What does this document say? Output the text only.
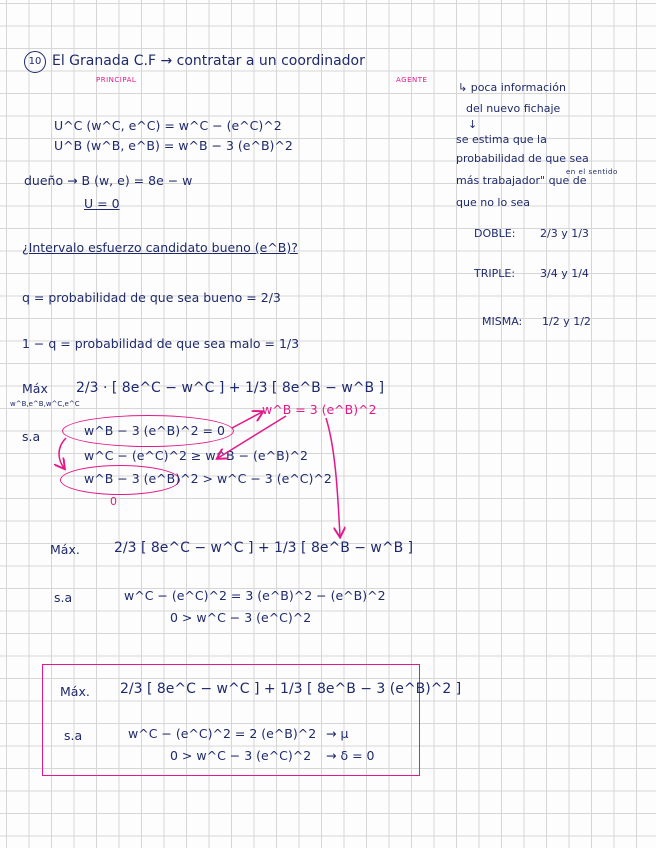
10 El Granada C.F → contratar a un coordinador
PRINCIPAL	AGENTE
U^C (w^C, e^C) = w^C − (e^C)^2
U^B (w^B, e^B) = w^B − 3 (e^B)^2
↳ poca información
del nuevo fichaje
↓
se estima que la
probabilidad de que sea
en el sentido
más trabajador" que de
que no lo sea
DOBLE: 2/3 y 1/3
TRIPLE: 3/4 y 1/4
MISMA: 1/2 y 1/2
dueño → B (w, e) = 8e − w
U = 0
¿Intervalo esfuerzo candidato bueno (e^B)?
q = probabilidad de que sea bueno = 2/3
1 − q = probabilidad de que sea malo = 1/3
Máx
w^B,e^B,w^C,e^C
2/3 · [ 8e^C − w^C ] + 1/3 [ 8e^B − w^B ]
s.a	w^B − 3 (e^B)^2 = 0
w^B = 3 (e^B)^2
w^C − (e^C)^2 ≥ w^B − (e^B)^2
w^B − 3 (e^B)^2 > w^C − 3 (e^C)^2
0
Máx. 2/3 [ 8e^C − w^C ] + 1/3 [ 8e^B − w^B ]
s.a	w^C − (e^C)^2 = 3 (e^B)^2 − (e^B)^2
0 > w^C − 3 (e^C)^2
Máx. 2/3 [ 8e^C − w^C ] + 1/3 [ 8e^B − 3 (e^B)^2 ]
s.a	w^C − (e^C)^2 = 2 (e^B)^2 → μ
0 > w^C − 3 (e^C)^2 → δ = 0
